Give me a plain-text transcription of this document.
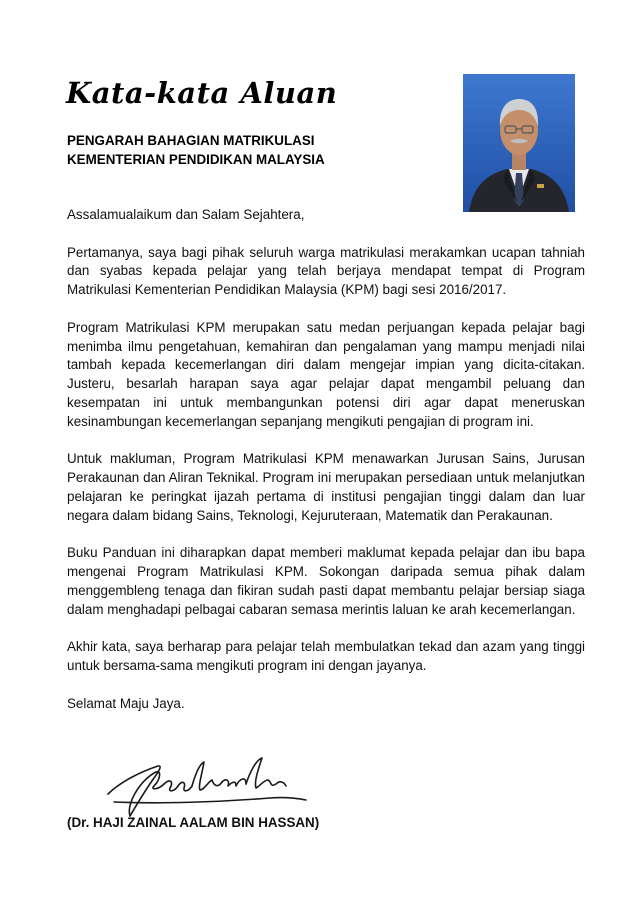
Kata-kata Aluan
PENGARAH BAHAGIAN MATRIKULASI
KEMENTERIAN PENDIDIKAN MALAYSIA

Assalamualaikum dan Salam Sejahtera,

Pertamanya, saya bagi pihak seluruh warga matrikulasi merakamkan ucapan tahniah dan syabas kepada pelajar yang telah berjaya mendapat tempat di Program Matrikulasi Kementerian Pendidikan Malaysia (KPM) bagi sesi 2016/2017.

Program Matrikulasi KPM merupakan satu medan perjuangan kepada pelajar bagi menimba ilmu pengetahuan, kemahiran dan pengalaman yang mampu menjadi nilai tambah kepada kecemerlangan diri dalam mengejar impian yang dicita-citakan. Justeru, besarlah harapan saya agar pelajar dapat mengambil peluang dan kesempatan ini untuk membangunkan potensi diri agar dapat meneruskan kesinambungan kecemerlangan sepanjang mengikuti pengajian di program ini.

Untuk makluman, Program Matrikulasi KPM menawarkan Jurusan Sains, Jurusan Perakaunan dan Aliran Teknikal. Program ini merupakan persediaan untuk melanjutkan pelajaran ke peringkat ijazah pertama di institusi pengajian tinggi dalam dan luar negara dalam bidang Sains, Teknologi, Kejuruteraan, Matematik dan Perakaunan.

Buku Panduan ini diharapkan dapat memberi maklumat kepada pelajar dan ibu bapa mengenai Program Matrikulasi KPM. Sokongan daripada semua pihak dalam menggembleng tenaga dan fikiran sudah pasti dapat membantu pelajar bersiap siaga dalam menghadapi pelbagai cabaran semasa merintis laluan ke arah kecemerlangan.

Akhir kata, saya berharap para pelajar telah membulatkan tekad dan azam yang tinggi untuk bersama-sama mengikuti program ini dengan jayanya.

Selamat Maju Jaya.

(Dr. HAJI ZAINAL AALAM BIN HASSAN)
